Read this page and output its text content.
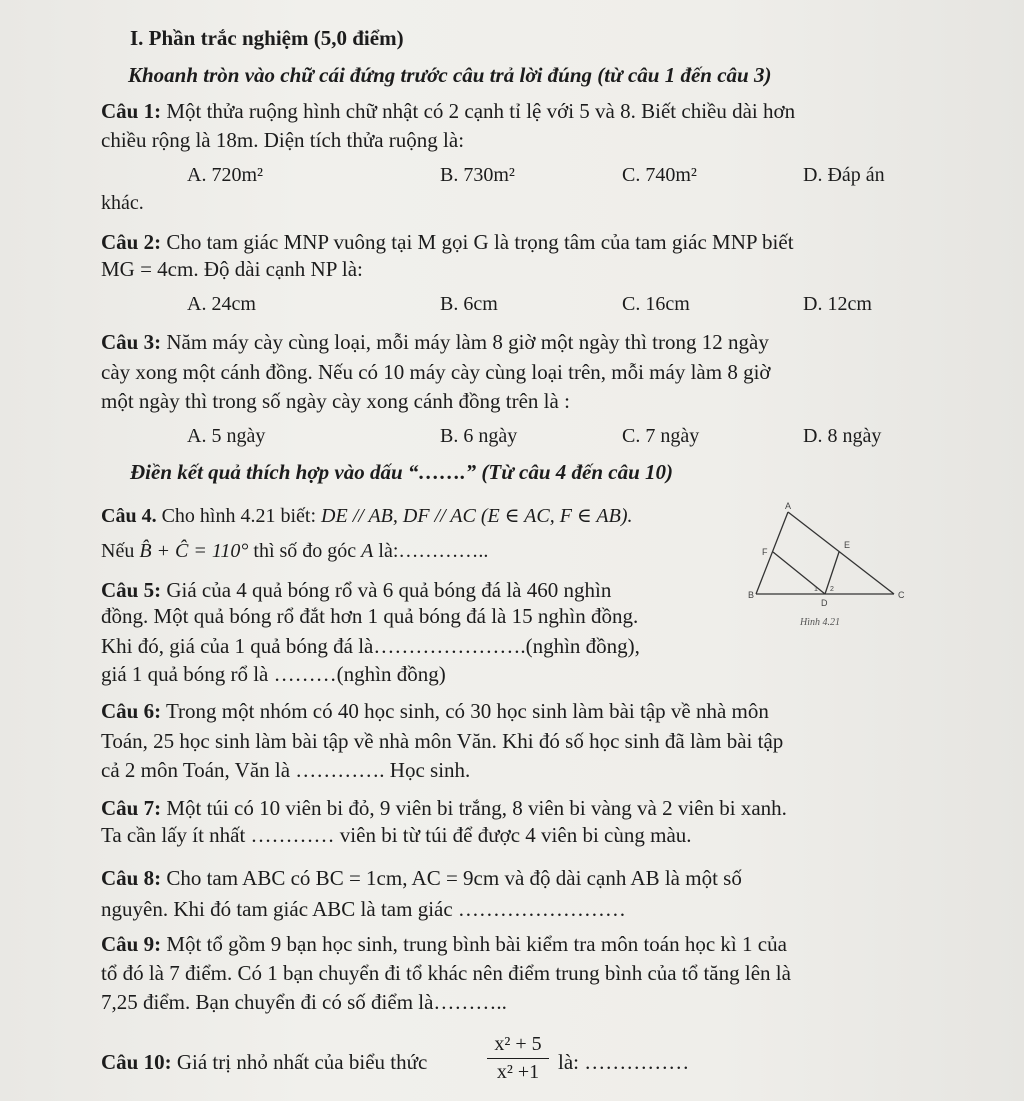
I. Phần trắc nghiệm (5,0 điểm)
Khoanh tròn vào chữ cái đứng trước câu trả lời đúng (từ câu 1 đến câu 3)
Câu 1: Một thửa ruộng hình chữ nhật có 2 cạnh tỉ lệ với 5 và 8. Biết chiều dài hơn
chiều rộng là 18m. Diện tích thửa ruộng là:
A. 720m²	B. 730m²	C. 740m²	D. Đáp án
khác.
Câu 2: Cho tam giác MNP vuông tại M gọi G là trọng tâm của tam giác MNP biết
MG = 4cm. Độ dài cạnh NP là:
A. 24cm	B. 6cm	C. 16cm	D. 12cm
Câu 3: Năm máy cày cùng loại, mỗi máy làm 8 giờ một ngày thì trong 12 ngày
cày xong một cánh đồng. Nếu có 10 máy cày cùng loại trên, mỗi máy làm 8 giờ
một ngày thì trong số ngày cày xong cánh đồng trên là :
A. 5 ngày	B. 6 ngày	C. 7 ngày	D. 8 ngày
Điền kết quả thích hợp vào dấu “…….” (Từ câu 4 đến câu 10)
Câu 4. Cho hình 4.21 biết: DE // AB, DF // AC (E ∈ AC, F ∈ AB).
Nếu B̂ + Ĉ = 110° thì số đo góc A là:…………..
A
E
F
B
D
C
1 2
Hình 4.21
Câu 5: Giá của 4 quả bóng rổ và 6 quả bóng đá là 460 nghìn
đồng. Một quả bóng rổ đắt hơn 1 quả bóng đá là 15 nghìn đồng.
Khi đó, giá của 1 quả bóng đá là………………….(nghìn đồng),
giá 1 quả bóng rổ là ………(nghìn đồng)
Câu 6: Trong một nhóm có 40 học sinh, có 30 học sinh làm bài tập về nhà môn
Toán, 25 học sinh làm bài tập về nhà môn Văn. Khi đó số học sinh đã làm bài tập
cả 2 môn Toán, Văn là …………. Học sinh.
Câu 7: Một túi có 10 viên bi đỏ, 9 viên bi trắng, 8 viên bi vàng và 2 viên bi xanh.
Ta cần lấy ít nhất ………… viên bi từ túi để được 4 viên bi cùng màu.
Câu 8: Cho tam ABC có BC = 1cm, AC = 9cm và độ dài cạnh AB là một số
nguyên. Khi đó tam giác ABC là tam giác ……………………
Câu 9: Một tổ gồm 9 bạn học sinh, trung bình bài kiểm tra môn toán học kì 1 của
tổ đó là 7 điểm. Có 1 bạn chuyển đi tổ khác nên điểm trung bình của tổ tăng lên là
7,25 điểm. Bạn chuyển đi có số điểm là………..
Câu 10: Giá trị nhỏ nhất của biểu thức	$\frac{\text{x² + 5}}{\text{x² +1}}$ là: ……………
